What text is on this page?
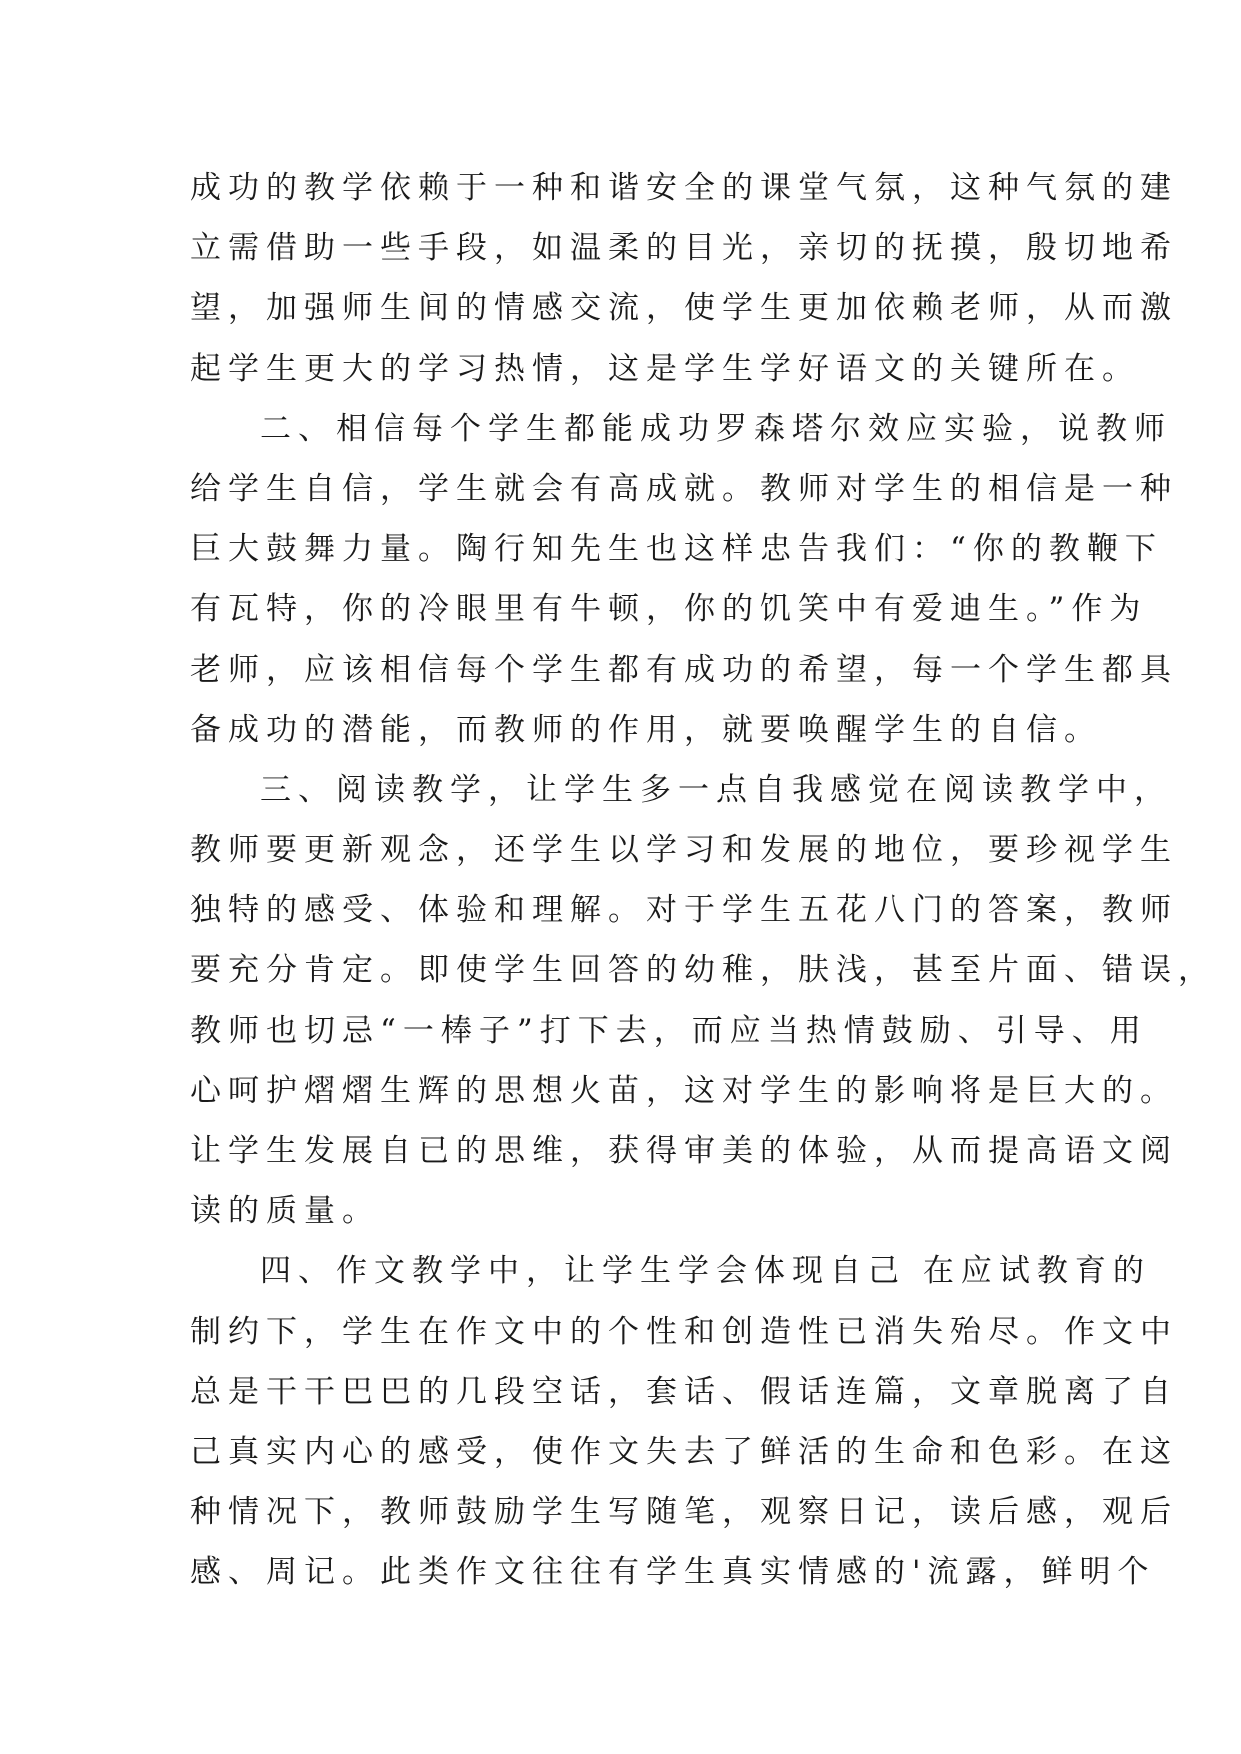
成功的教学依赖于一种和谐安全的课堂气氛，这种气氛的建
立需借助一些手段，如温柔的目光，亲切的抚摸，殷切地希
望，加强师生间的情感交流，使学生更加依赖老师，从而激
起学生更大的学习热情，这是学生学好语文的关键所在。
二、相信每个学生都能成功罗森塔尔效应实验，说教师
给学生自信，学生就会有高成就。教师对学生的相信是一种
巨大鼓舞力量。陶行知先生也这样忠告我们：“你的教鞭下
有瓦特，你的冷眼里有牛顿，你的饥笑中有爱迪生。”作为
老师，应该相信每个学生都有成功的希望，每一个学生都具
备成功的潜能，而教师的作用，就要唤醒学生的自信。
三、阅读教学，让学生多一点自我感觉在阅读教学中，
教师要更新观念，还学生以学习和发展的地位，要珍视学生
独特的感受、体验和理解。对于学生五花八门的答案，教师
要充分肯定。即使学生回答的幼稚，肤浅，甚至片面、错误，
教师也切忌“一棒子”打下去，而应当热情鼓励、引导、用
心呵护熠熠生辉的思想火苗，这对学生的影响将是巨大的。
让学生发展自已的思维，获得审美的体验，从而提高语文阅
读的质量。
四、作文教学中，让学生学会体现自己 在应试教育的
制约下，学生在作文中的个性和创造性已消失殆尽。作文中
总是干干巴巴的几段空话，套话、假话连篇，文章脱离了自
己真实内心的感受，使作文失去了鲜活的生命和色彩。在这
种情况下，教师鼓励学生写随笔，观察日记，读后感，观后
感、周记。此类作文往往有学生真实情感的'流露，鲜明个
